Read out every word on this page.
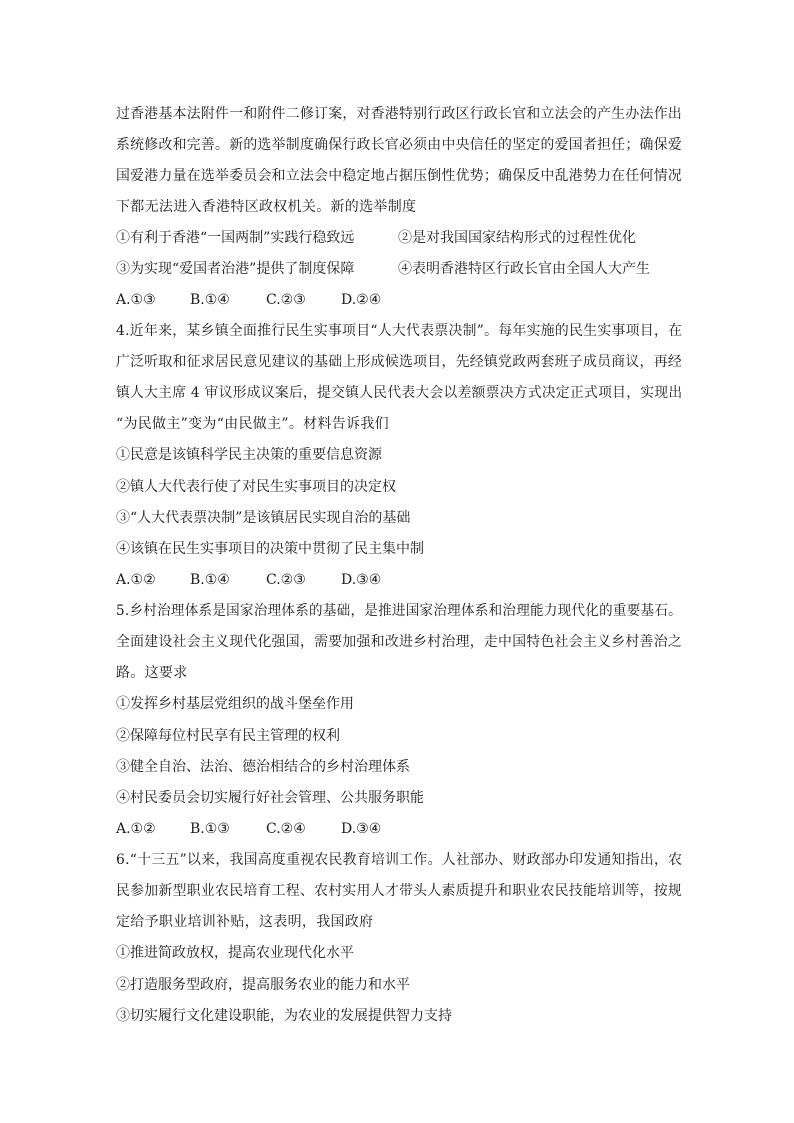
过香港基本法附件一和附件二修订案，对香港特别行政区行政长官和立法会的产生办法作出
系统修改和完善。新的选举制度确保行政长官必须由中央信任的坚定的爱国者担任；确保爱
国爱港力量在选举委员会和立法会中稳定地占据压倒性优势；确保反中乱港势力在任何情况
下都无法进入香港特区政权机关。新的选举制度
①有利于香港“一国两制”实践行稳致远	②是对我国国家结构形式的过程性优化
③为实现“爱国者治港”提供了制度保障	④表明香港特区行政长官由全国人大产生
A.①③ B.①④	C.②③	D.②④
4.近年来，某乡镇全面推行民生实事项目“人大代表票决制”。每年实施的民生实事项目，在
广泛听取和征求居民意见建议的基础上形成候选项目，先经镇党政两套班子成员商议，再经
镇人大主席 4 审议形成议案后，提交镇人民代表大会以差额票决方式决定正式项目，实现出
“为民做主”变为“由民做主”。材料告诉我们
①民意是该镇科学民主决策的重要信息资源
②镇人大代表行使了对民生实事项目的决定权
③“人大代表票决制”是该镇居民实现自治的基础
④该镇在民生实事项目的决策中贯彻了民主集中制
A.①② B.①④	C.②③	D.③④
5.乡村治理体系是国家治理体系的基础，是推进国家治理体系和治理能力现代化的重要基石。
全面建设社会主义现代化强国，需要加强和改进乡村治理，走中国特色社会主义乡村善治之
路。这要求
①发挥乡村基层党组织的战斗堡垒作用
②保障每位村民享有民主管理的权利
③健全自治、法治、德治相结合的乡村治理体系
④村民委员会切实履行好社会管理、公共服务职能
A.①② B.①③	C.②④	D.③④
6.“十三五”以来，我国高度重视农民教育培训工作。人社部办、财政部办印发通知指出，农
民参加新型职业农民培育工程、农村实用人才带头人素质提升和职业农民技能培训等，按规
定给予职业培训补贴，这表明，我国政府
①推进简政放权，提高农业现代化水平
②打造服务型政府，提高服务农业的能力和水平
③切实履行文化建设职能，为农业的发展提供智力支持
